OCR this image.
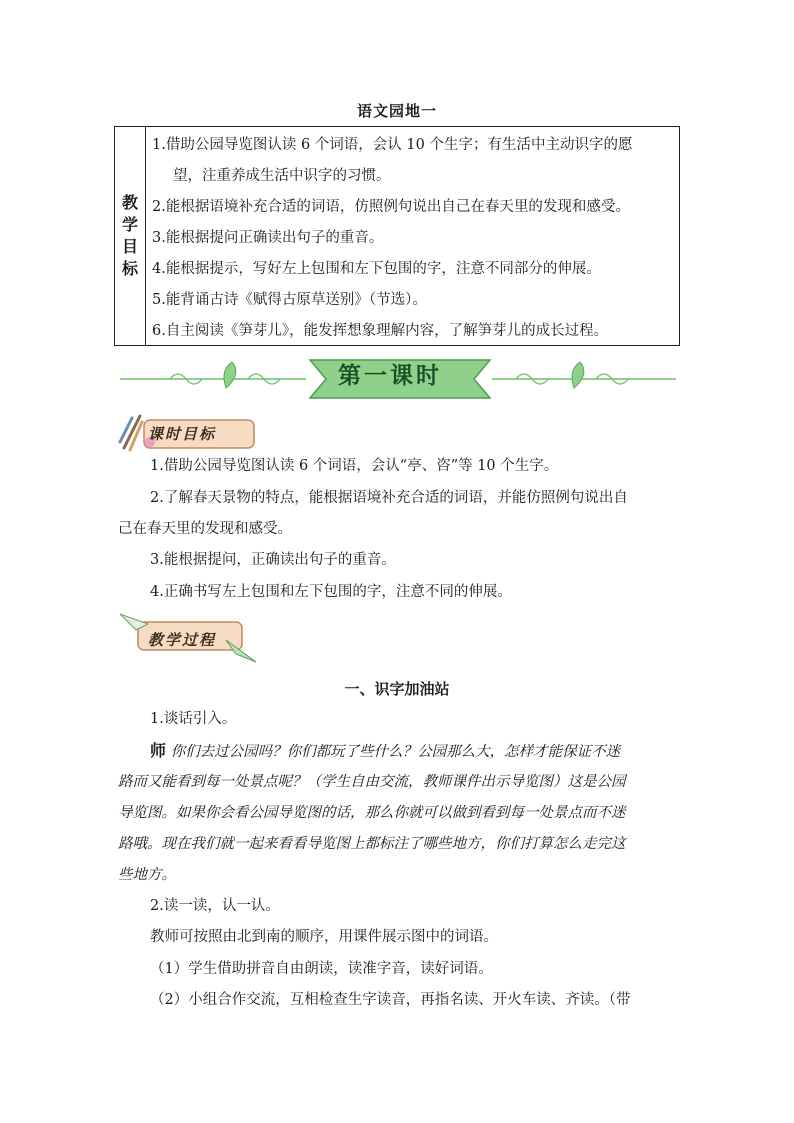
语文园地一
教
学
目
标
1.借助公园导览图认读 6 个词语，会认 10 个生字；有生活中主动识字的愿
望，注重养成生活中识字的习惯。
2.能根据语境补充合适的词语，仿照例句说出自己在春天里的发现和感受。
3.能根据提问正确读出句子的重音。
4.能根据提示，写好左上包围和左下包围的字，注意不同部分的伸展。
5.能背诵古诗《赋得古原草送别》（节选）。
6.自主阅读《笋芽儿》，能发挥想象理解内容，了解笋芽儿的成长过程。
第一课时
课时目标
1.借助公园导览图认读 6 个词语，会认“亭、咨”等 10 个生字。
2.了解春天景物的特点，能根据语境补充合适的词语，并能仿照例句说出自
己在春天里的发现和感受。
3.能根据提问，正确读出句子的重音。
4.正确书写左上包围和左下包围的字，注意不同的伸展。
教学过程
一、识字加油站
1.谈话引入。
师 你们去过公园吗？你们都玩了些什么？公园那么大，怎样才能保证不迷
路而又能看到每一处景点呢？（学生自由交流，教师课件出示导览图）这是公园
导览图。如果你会看公园导览图的话，那么你就可以做到看到每一处景点而不迷
路哦。现在我们就一起来看看导览图上都标注了哪些地方，你们打算怎么走完这
些地方。
2.读一读，认一认。
教师可按照由北到南的顺序，用课件展示图中的词语。
（1）学生借助拼音自由朗读，读准字音，读好词语。
（2）小组合作交流，互相检查生字读音，再指名读、开火车读、齐读。（带
